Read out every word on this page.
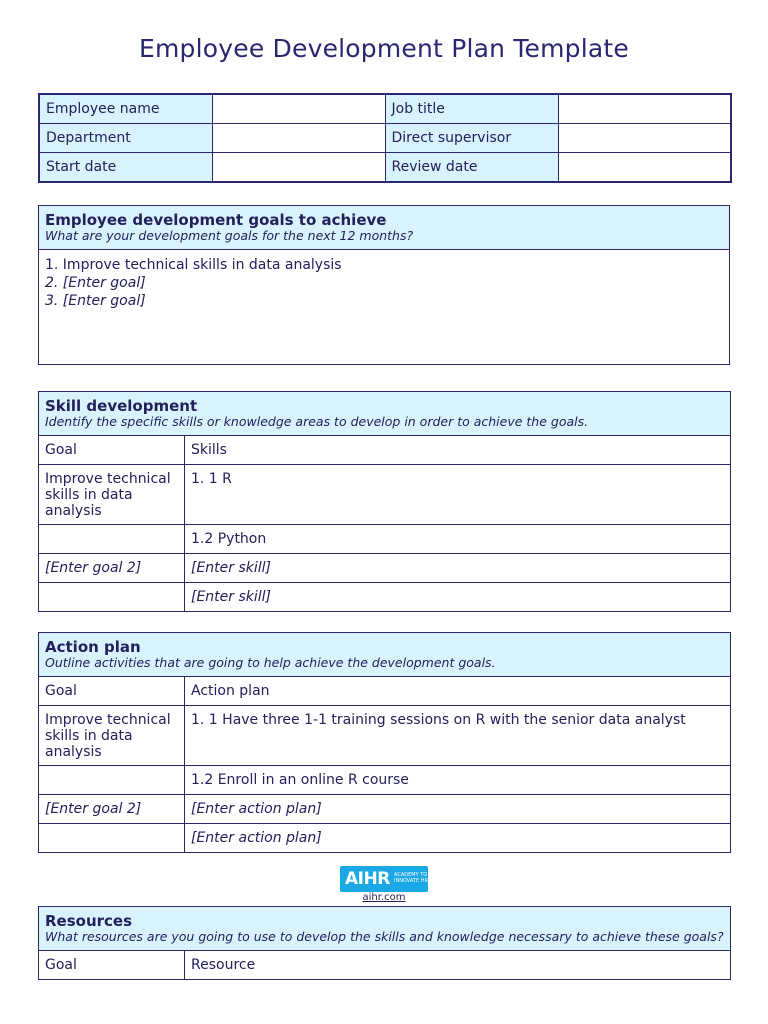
Employee Development Plan Template
Employee name		Job title	
Department		Direct supervisor	
Start date		Review date	
Employee development goals to achieve
What are your development goals for the next 12 months?

1. Improve technical skills in data analysis
2. [Enter goal]
3. [Enter goal]
Skill development
Identify the specific skills or knowledge areas to develop in order to achieve the goals.	

Goal	Skills
Improve technical skills in data analysis	1. 1 R
	1.2 Python
[Enter goal 2]	[Enter skill]
	[Enter skill]
Action plan
Outline activities that are going to help achieve the development goals.	

Goal	Action plan
Improve technical skills in data analysis	1. 1 Have three 1-1 training sessions on R with the senior data analyst
	1.2 Enroll in an online R course
[Enter goal 2]	[Enter action plan]
	[Enter action plan]
AIHR ACADEMY TO INNOVATE HR
aihr.com
Resources
What resources are you going to use to develop the skills and knowledge necessary to achieve these goals?

Goal	Resource
